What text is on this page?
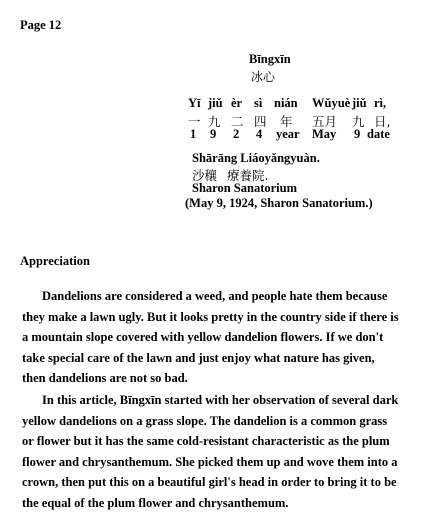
Page 12
Bīngxīn
冰心
Yī jiǔ èr sì nián Wǔyuè jiǔ rì,
一 九 二 四 年 五月 九 日,
1 9 2 4 year May 9 date
Shārāng Liáoyǎngyuàn.
沙穰 療養院.
Sharon Sanatorium
(May 9, 1924, Sharon Sanatorium.)
Appreciation
Dandelions are considered a weed, and people hate them because they make a lawn ugly. But it looks pretty in the country side if there is a mountain slope covered with yellow dandelion flowers. If we don't take special care of the lawn and just enjoy what nature has given, then dandelions are not so bad.
In this article, Bīngxīn started with her observation of several dark yellow dandelions on a grass slope. The dandelion is a common grass or flower but it has the same cold-resistant characteristic as the plum flower and chrysanthemum. She picked them up and wove them into a crown, then put this on a beautiful girl's head in order to bring it to be the equal of the plum flower and chrysanthemum.
